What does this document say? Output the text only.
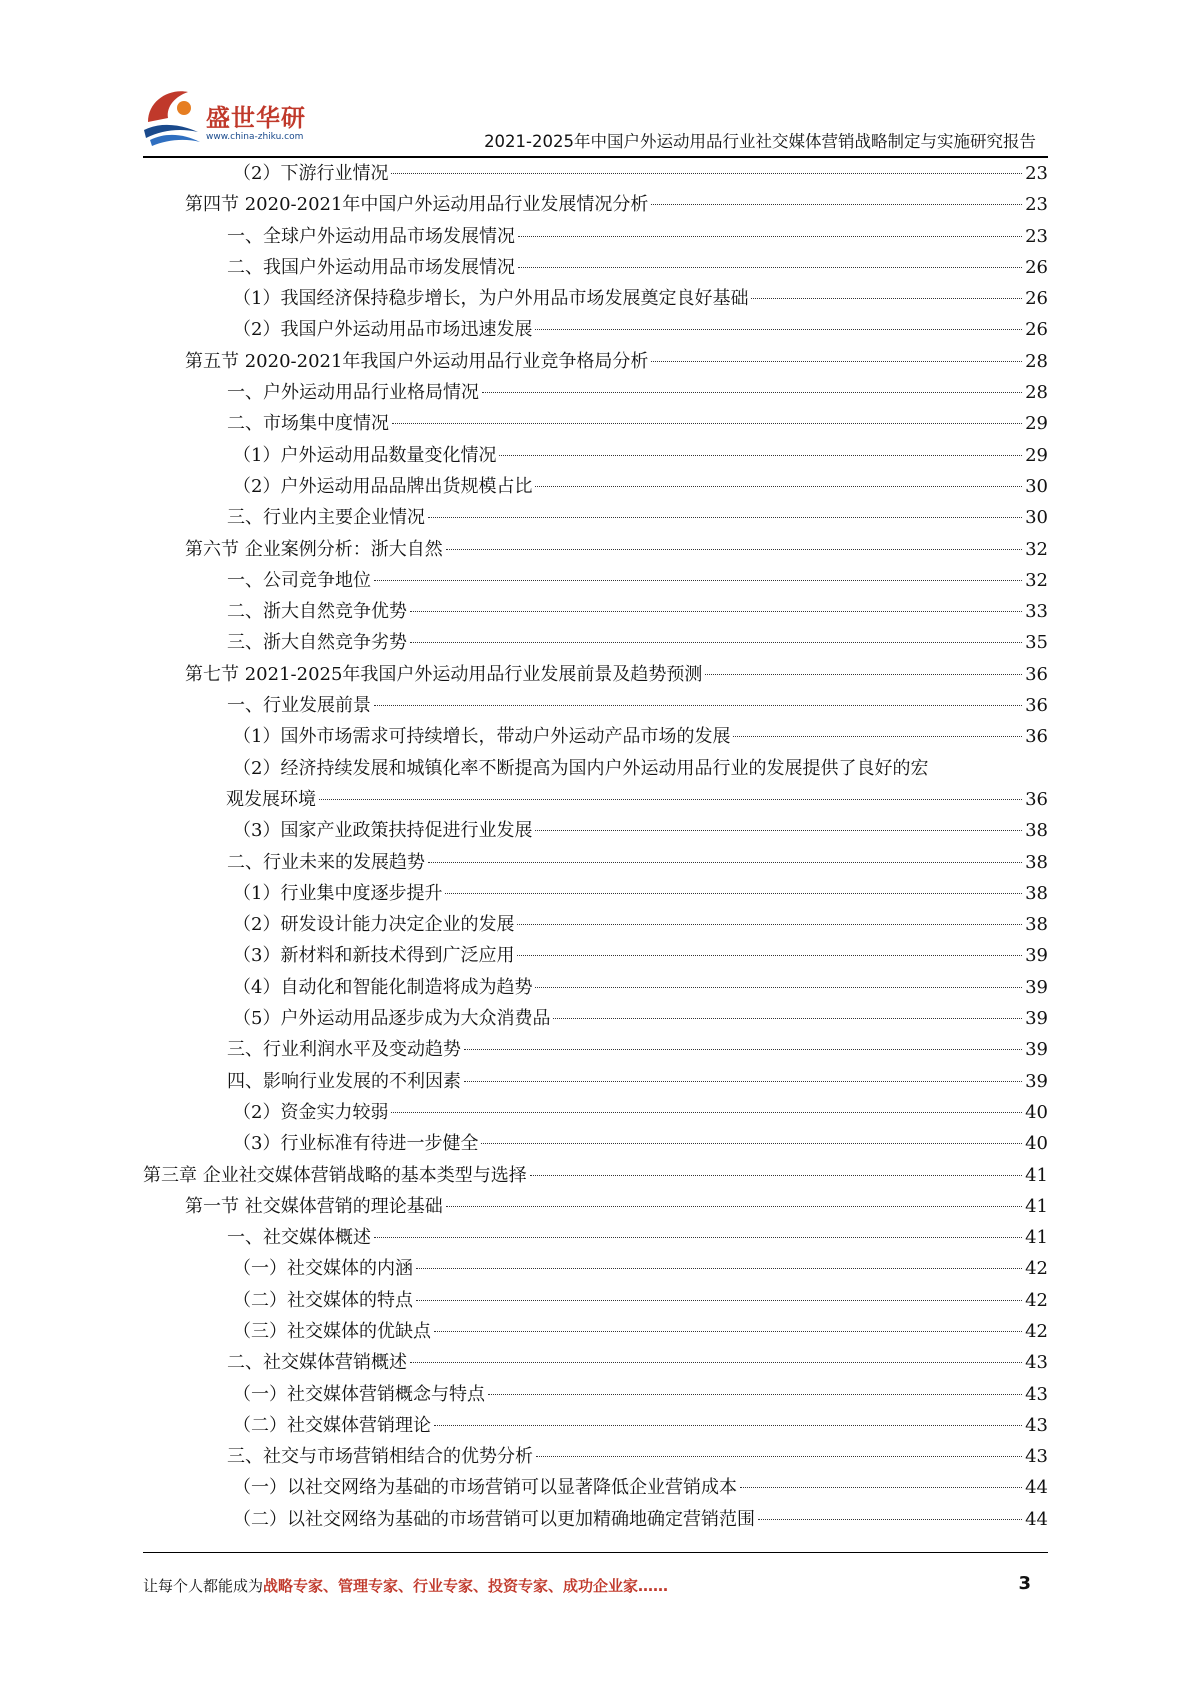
盛世华研
www.china-zhiku.com	2021-2025年中国户外运动用品行业社交媒体营销战略制定与实施研究报告
（2）下游行业情况	23
第四节 2020-2021年中国户外运动用品行业发展情况分析	23
一、全球户外运动用品市场发展情况	23
二、我国户外运动用品市场发展情况	26
（1）我国经济保持稳步增长，为户外用品市场发展奠定良好基础	26
（2）我国户外运动用品市场迅速发展	26
第五节 2020-2021年我国户外运动用品行业竞争格局分析	28
一、户外运动用品行业格局情况	28
二、市场集中度情况	29
（1）户外运动用品数量变化情况	29
（2）户外运动用品品牌出货规模占比	30
三、行业内主要企业情况	30
第六节 企业案例分析：浙大自然	32
一、公司竞争地位	32
二、浙大自然竞争优势	33
三、浙大自然竞争劣势	35
第七节 2021-2025年我国户外运动用品行业发展前景及趋势预测	36
一、行业发展前景	36
（1）国外市场需求可持续增长，带动户外运动产品市场的发展	36
（2）经济持续发展和城镇化率不断提高为国内户外运动用品行业的发展提供了良好的宏
观发展环境	36
（3）国家产业政策扶持促进行业发展	38
二、行业未来的发展趋势	38
（1）行业集中度逐步提升	38
（2）研发设计能力决定企业的发展	38
（3）新材料和新技术得到广泛应用	39
（4）自动化和智能化制造将成为趋势	39
（5）户外运动用品逐步成为大众消费品	39
三、行业利润水平及变动趋势	39
四、影响行业发展的不利因素	39
（2）资金实力较弱	40
（3）行业标准有待进一步健全	40
第三章 企业社交媒体营销战略的基本类型与选择	41
第一节 社交媒体营销的理论基础	41
一、社交媒体概述	41
（一）社交媒体的内涵	42
（二）社交媒体的特点	42
（三）社交媒体的优缺点	42
二、社交媒体营销概述	43
（一）社交媒体营销概念与特点	43
（二）社交媒体营销理论	43
三、社交与市场营销相结合的优势分析	43
（一）以社交网络为基础的市场营销可以显著降低企业营销成本	44
（二）以社交网络为基础的市场营销可以更加精确地确定营销范围	44
让每个人都能成为战略专家、管理专家、行业专家、投资专家、成功企业家……	3
